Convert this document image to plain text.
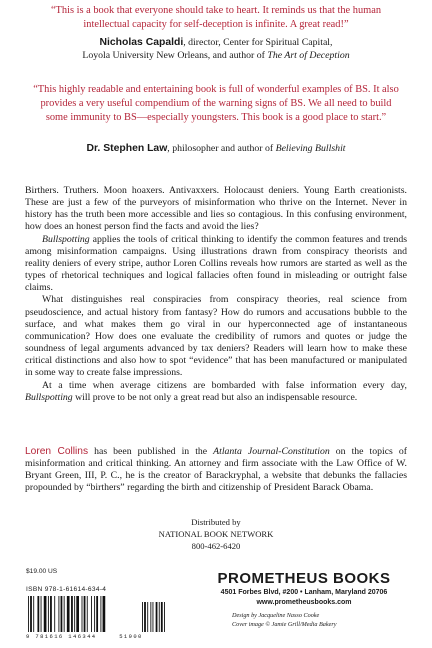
“This is a book that everyone should take to heart. It reminds us that the human intellectual capacity for self-deception is infinite. A great read!”
Nicholas Capaldi, director, Center for Spiritual Capital,
Loyola University New Orleans, and author of The Art of Deception
“This highly readable and entertaining book is full of wonderful examples of BS. It also provides a very useful compendium of the warning signs of BS. We all need to build some immunity to BS—especially youngsters. This book is a good place to start.”
Dr. Stephen Law, philosopher and author of Believing Bullshit

Birthers. Truthers. Moon hoaxers. Antivaxxers. Holocaust deniers. Young Earth creationists. These are just a few of the purveyors of misinformation who thrive on the Internet. Never in history has the truth been more accessible and lies so contagious. In this confusing environment, how does an honest person find the facts and avoid the lies?

Bullspotting applies the tools of critical thinking to identify the common features and trends among misinformation campaigns. Using illustrations drawn from conspiracy theorists and reality deniers of every stripe, author Loren Collins reveals how rumors are started as well as the types of rhetorical techniques and logical fallacies often found in misleading or outright false claims.

What distinguishes real conspiracies from conspiracy theories, real science from pseudoscience, and actual history from fantasy? How do rumors and accusations bubble to the surface, and what makes them go viral in our hyperconnected age of instantaneous communication? How does one evaluate the credibility of rumors and quotes or judge the soundness of legal arguments advanced by tax deniers? Readers will learn how to make these critical distinctions and also how to spot “evidence” that has been manufactured or manipulated in some way to create false impressions.

At a time when average citizens are bombarded with false information every day, Bullspotting will prove to be not only a great read but also an indispensable resource.

Loren Collins has been published in the Atlanta Journal-Constitution on the topics of misinformation and critical thinking. An attorney and firm associate with the Law Office of W. Bryant Green, III, P. C., he is the creator of Barackryphal, a website that debunks the fallacies propounded by “birthers” regarding the birth and citizenship of President Barack Obama.

Distributed by
NATIONAL BOOK NETWORK
800-462-6420
$19.00 US
ISBN 978-1-61614-634-4
9 781616 146344	51900
PROMETHEUS BOOKS
4501 Forbes Blvd, #200 • Lanham, Maryland 20706
www.prometheusbooks.com
Design by Jacqueline Nasso Cooke
Cover image © Jamie Grill/Media Bakery
